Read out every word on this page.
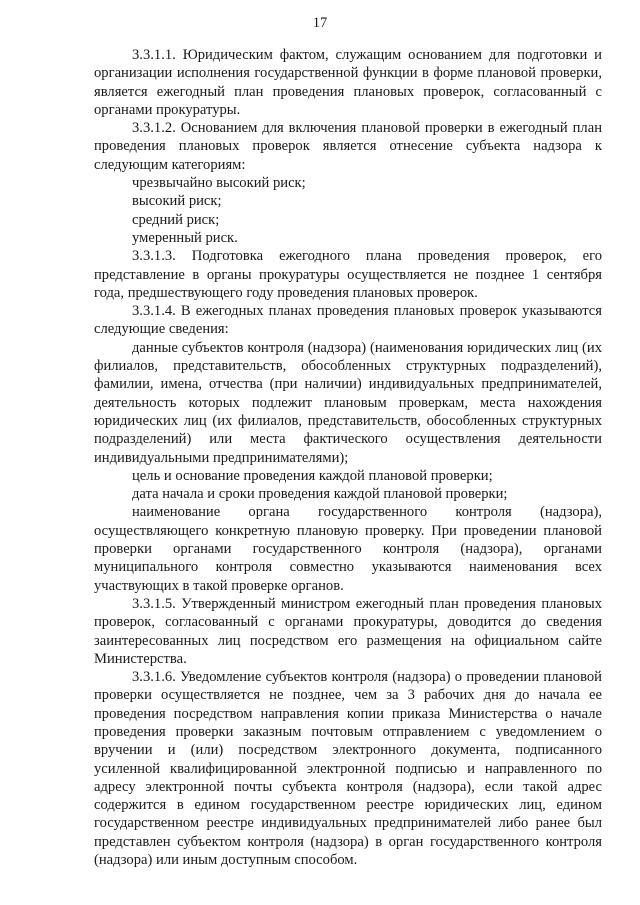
17

3.3.1.1. Юридическим фактом, служащим основанием для подготовки и организации исполнения государственной функции в форме плановой проверки, является ежегодный план проведения плановых проверок, согласованный с органами прокуратуры.

3.3.1.2. Основанием для включения плановой проверки в ежегодный план проведения плановых проверок является отнесение субъекта надзора к следующим категориям:

чрезвычайно высокий риск;

высокий риск;

средний риск;

умеренный риск.

3.3.1.3. Подготовка ежегодного плана проведения проверок, его представление в органы прокуратуры осуществляется не позднее 1 сентября года, предшествующего году проведения плановых проверок.

3.3.1.4. В ежегодных планах проведения плановых проверок указываются следующие сведения:

данные субъектов контроля (надзора) (наименования юридических лиц (их филиалов, представительств, обособленных структурных подразделений), фамилии, имена, отчества (при наличии) индивидуальных предпринимателей, деятельность которых подлежит плановым проверкам, места нахождения юридических лиц (их филиалов, представительств, обособленных структурных подразделений) или места фактического осуществления деятельности индивидуальными предпринимателями);

цель и основание проведения каждой плановой проверки;

дата начала и сроки проведения каждой плановой проверки;

наименование органа государственного контроля (надзора), осуществляющего конкретную плановую проверку. При проведении плановой проверки органами государственного контроля (надзора), органами муниципального контроля совместно указываются наименования всех участвующих в такой проверке органов.

3.3.1.5. Утвержденный министром ежегодный план проведения плановых проверок, согласованный с органами прокуратуры, доводится до сведения заинтересованных лиц посредством его размещения на официальном сайте Министерства.

3.3.1.6. Уведомление субъектов контроля (надзора) о проведении плановой проверки осуществляется не позднее, чем за 3 рабочих дня до начала ее проведения посредством направления копии приказа Министерства о начале проведения проверки заказным почтовым отправлением с уведомлением о вручении и (или) посредством электронного документа, подписанного усиленной квалифицированной электронной подписью и направленного по адресу электронной почты субъекта контроля (надзора), если такой адрес содержится в едином государственном реестре юридических лиц, едином государственном реестре индивидуальных предпринимателей либо ранее был представлен субъектом контроля (надзора) в орган государственного контроля (надзора) или иным доступным способом.
